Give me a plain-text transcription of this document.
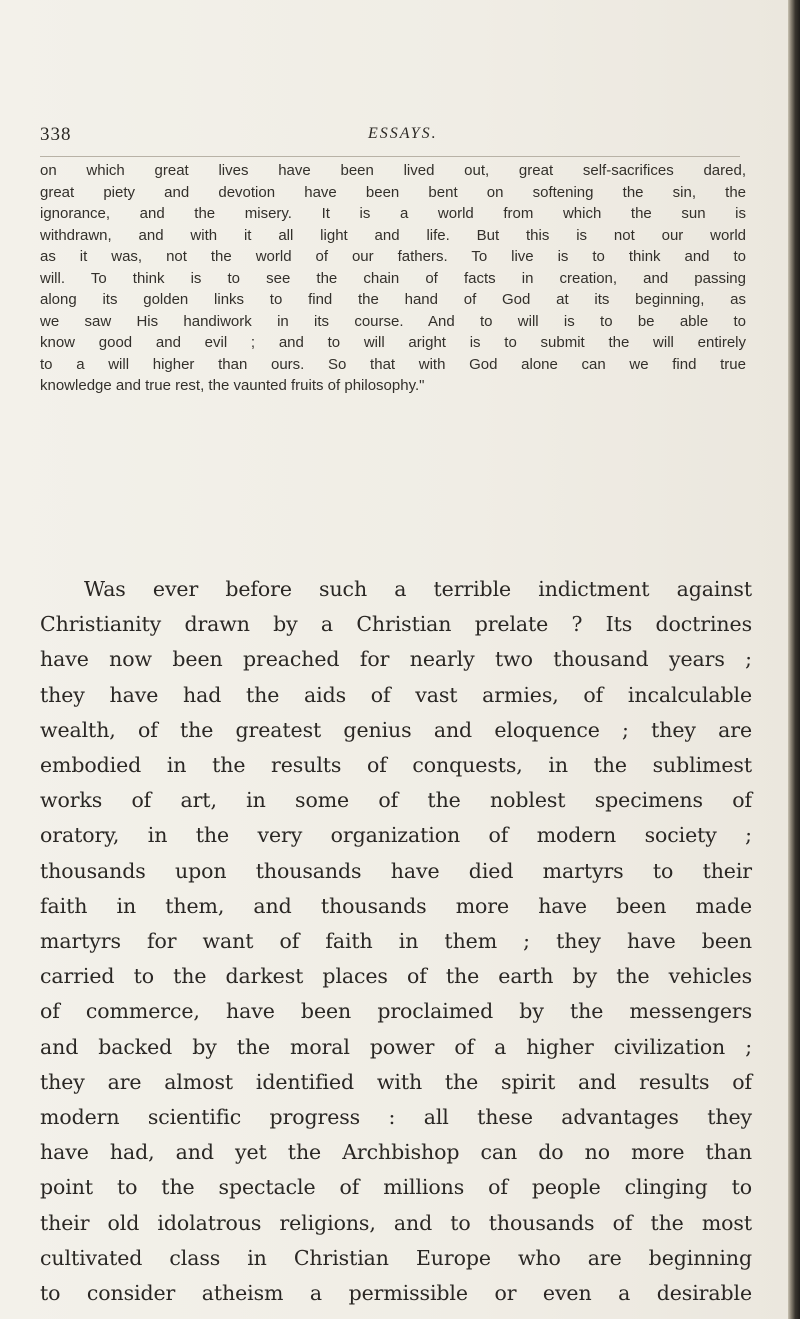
338	ESSAYS.
on which great lives have been lived out, great self-sacrifices dared,
great piety and devotion have been bent on softening the sin, the
ignorance, and the misery. It is a world from which the sun is
withdrawn, and with it all light and life. But this is not our world
as it was, not the world of our fathers. To live is to think and to
will. To think is to see the chain of facts in creation, and passing
along its golden links to find the hand of God at its beginning, as
we saw His handiwork in its course. And to will is to be able to
know good and evil ; and to will aright is to submit the will entirely
to a will higher than ours. So that with God alone can we find true
knowledge and true rest, the vaunted fruits of philosophy."
Was ever before such a terrible indictment against
Christianity drawn by a Christian prelate ? Its doctrines
have now been preached for nearly two thousand years ;
they have had the aids of vast armies, of incalculable
wealth, of the greatest genius and eloquence ; they are
embodied in the results of conquests, in the sublimest
works of art, in some of the noblest specimens of
oratory, in the very organization of modern society ;
thousands upon thousands have died martyrs to their
faith in them, and thousands more have been made
martyrs for want of faith in them ; they have been
carried to the darkest places of the earth by the vehicles
of commerce, have been proclaimed by the messengers
and backed by the moral power of a higher civilization ;
they are almost identified with the spirit and results of
modern scientific progress : all these advantages they
have had, and yet the Archbishop can do no more than
point to the spectacle of millions of people clinging to
their old idolatrous religions, and to thousands of the most
cultivated class in Christian Europe who are beginning
to consider atheism a permissible or even a desirable
